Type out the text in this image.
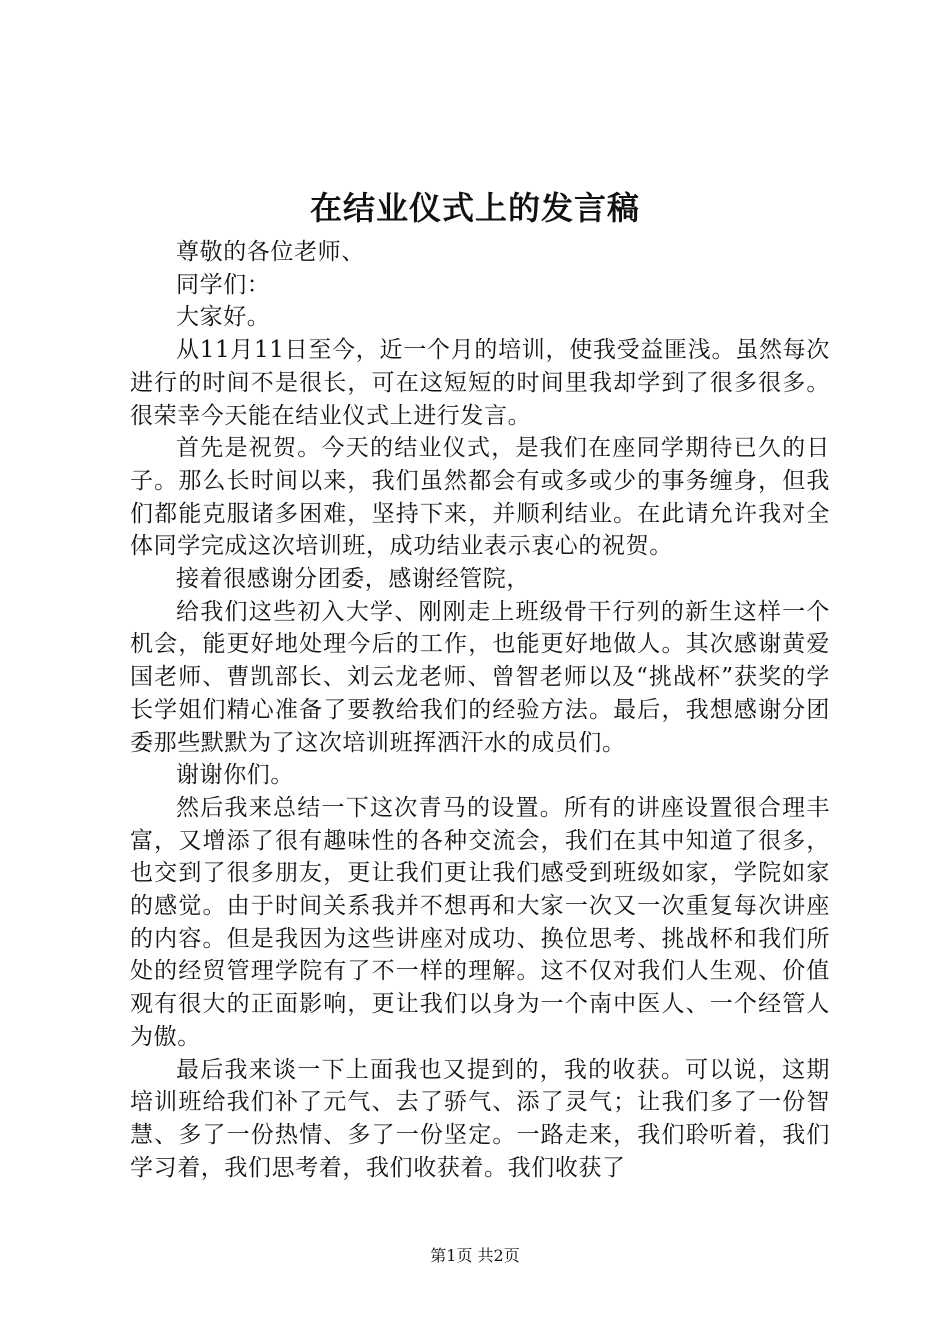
在结业仪式上的发言稿

尊敬的各位老师、

同学们：

大家好。

从11月11日至今，近一个月的培训，使我受益匪浅。虽然每次进行的时间不是很长，可在这短短的时间里我却学到了很多很多。很荣幸今天能在结业仪式上进行发言。

首先是祝贺。今天的结业仪式，是我们在座同学期待已久的日子。那么长时间以来，我们虽然都会有或多或少的事务缠身，但我们都能克服诸多困难，坚持下来，并顺利结业。在此请允许我对全体同学完成这次培训班，成功结业表示衷心的祝贺。

接着很感谢分团委，感谢经管院，

给我们这些初入大学、刚刚走上班级骨干行列的新生这样一个机会，能更好地处理今后的工作，也能更好地做人。其次感谢黄爱国老师、曹凯部长、刘云龙老师、曾智老师以及“挑战杯”获奖的学长学姐们精心准备了要教给我们的经验方法。最后，我想感谢分团委那些默默为了这次培训班挥洒汗水的成员们。

谢谢你们。

然后我来总结一下这次青马的设置。所有的讲座设置很合理丰富，又增添了很有趣味性的各种交流会，我们在其中知道了很多，也交到了很多朋友，更让我们更让我们感受到班级如家，学院如家的感觉。由于时间关系我并不想再和大家一次又一次重复每次讲座的内容。但是我因为这些讲座对成功、换位思考、挑战杯和我们所处的经贸管理学院有了不一样的理解。这不仅对我们人生观、价值观有很大的正面影响，更让我们以身为一个南中医人、一个经管人为傲。

最后我来谈一下上面我也又提到的，我的收获。可以说，这期培训班给我们补了元气、去了骄气、添了灵气；让我们多了一份智慧、多了一份热情、多了一份坚定。一路走来，我们聆听着，我们学习着，我们思考着，我们收获着。我们收获了

第1页 共2页
